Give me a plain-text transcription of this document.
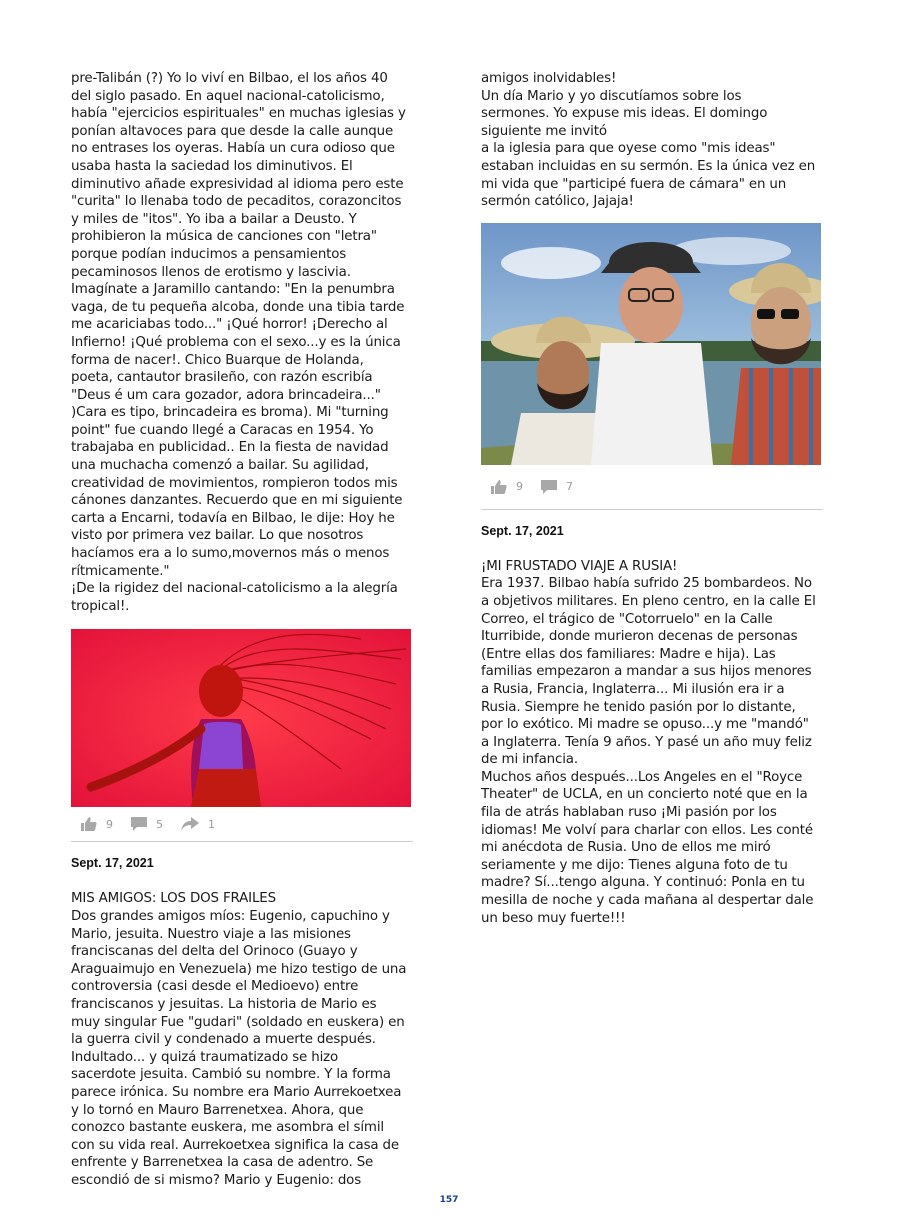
pre-Talibán (?) Yo lo viví en Bilbao, el los años 40
del siglo pasado. En aquel nacional-catolicismo,
había "ejercicios espirituales" en muchas iglesias y
ponían altavoces para que desde la calle aunque
no entrases los oyeras. Había un cura odioso que
usaba hasta la saciedad los diminutivos. El
diminutivo añade expresividad al idioma pero este
"curita" lo llenaba todo de pecaditos, corazoncitos
y miles de "itos". Yo iba a bailar a Deusto. Y
prohibieron la música de canciones con "letra"
porque podían inducimos a pensamientos
pecaminosos llenos de erotismo y lascivia.
Imagínate a Jaramillo cantando: "En la penumbra
vaga, de tu pequeña alcoba, donde una tibia tarde
me acariciabas todo..." ¡Qué horror! ¡Derecho al
Infierno! ¡Qué problema con el sexo...y es la única
forma de nacer!. Chico Buarque de Holanda,
poeta, cantautor brasileño, con razón escribía
"Deus é um cara gozador, adora brincadeira..."
)Cara es tipo, brincadeira es broma). Mi "turning
point" fue cuando llegé a Caracas en 1954. Yo
trabajaba en publicidad.. En la fiesta de navidad
una muchacha comenzó a bailar. Su agilidad,
creatividad de movimientos, rompieron todos mis
cánones danzantes. Recuerdo que en mi siguiente
carta a Encarni, todavía en Bilbao, le dije: Hoy he
visto por primera vez bailar. Lo que nosotros
hacíamos era a lo sumo,movernos más o menos
rítmicamente."
¡De la rigidez del nacional-catolicismo a la alegría
tropical!.

9	5	1
Sept. 17, 2021

MIS AMIGOS: LOS DOS FRAILES
Dos grandes amigos míos: Eugenio, capuchino y
Mario, jesuita. Nuestro viaje a las misiones
franciscanas del delta del Orinoco (Guayo y
Araguaimujo en Venezuela) me hizo testigo de una
controversia (casi desde el Medioevo) entre
franciscanos y jesuitas. La historia de Mario es
muy singular Fue "gudari" (soldado en euskera) en
la guerra civil y condenado a muerte después.
Indultado... y quizá traumatizado se hizo
sacerdote jesuita. Cambió su nombre. Y la forma
parece irónica. Su nombre era Mario Aurrekoetxea
y lo tornó en Mauro Barrenetxea. Ahora, que
conozco bastante euskera, me asombra el símil
con su vida real. Aurrekoetxea significa la casa de
enfrente y Barrenetxea la casa de adentro. Se
escondió de si mismo? Mario y Eugenio: dos

amigos inolvidables!
Un día Mario y yo discutíamos sobre los
sermones. Yo expuse mis ideas. El domingo
siguiente me invitó
a la iglesia para que oyese como "mis ideas"
estaban incluidas en su sermón. Es la única vez en
mi vida que "participé fuera de cámara" en un
sermón católico, Jajaja!

9	7
Sept. 17, 2021

¡MI FRUSTADO VIAJE A RUSIA!
Era 1937. Bilbao había sufrido 25 bombardeos. No
a objetivos militares. En pleno centro, en la calle El
Correo, el trágico de "Cotorruelo" en la Calle
Iturribide, donde murieron decenas de personas
(Entre ellas dos familiares: Madre e hija). Las
familias empezaron a mandar a sus hijos menores
a Rusia, Francia, Inglaterra... Mi ilusión era ir a
Rusia. Siempre he tenido pasión por lo distante,
por lo exótico. Mi madre se opuso...y me "mandó"
a Inglaterra. Tenía 9 años. Y pasé un año muy feliz
de mi infancia.
Muchos años después...Los Angeles en el "Royce
Theater" de UCLA, en un concierto noté que en la
fila de atrás hablaban ruso ¡Mi pasión por los
idiomas! Me volví para charlar con ellos. Les conté
mi anécdota de Rusia. Uno de ellos me miró
seriamente y me dijo: Tienes alguna foto de tu
madre? Sí...tengo alguna. Y continuó: Ponla en tu
mesilla de noche y cada mañana al despertar dale
un beso muy fuerte!!!

157
